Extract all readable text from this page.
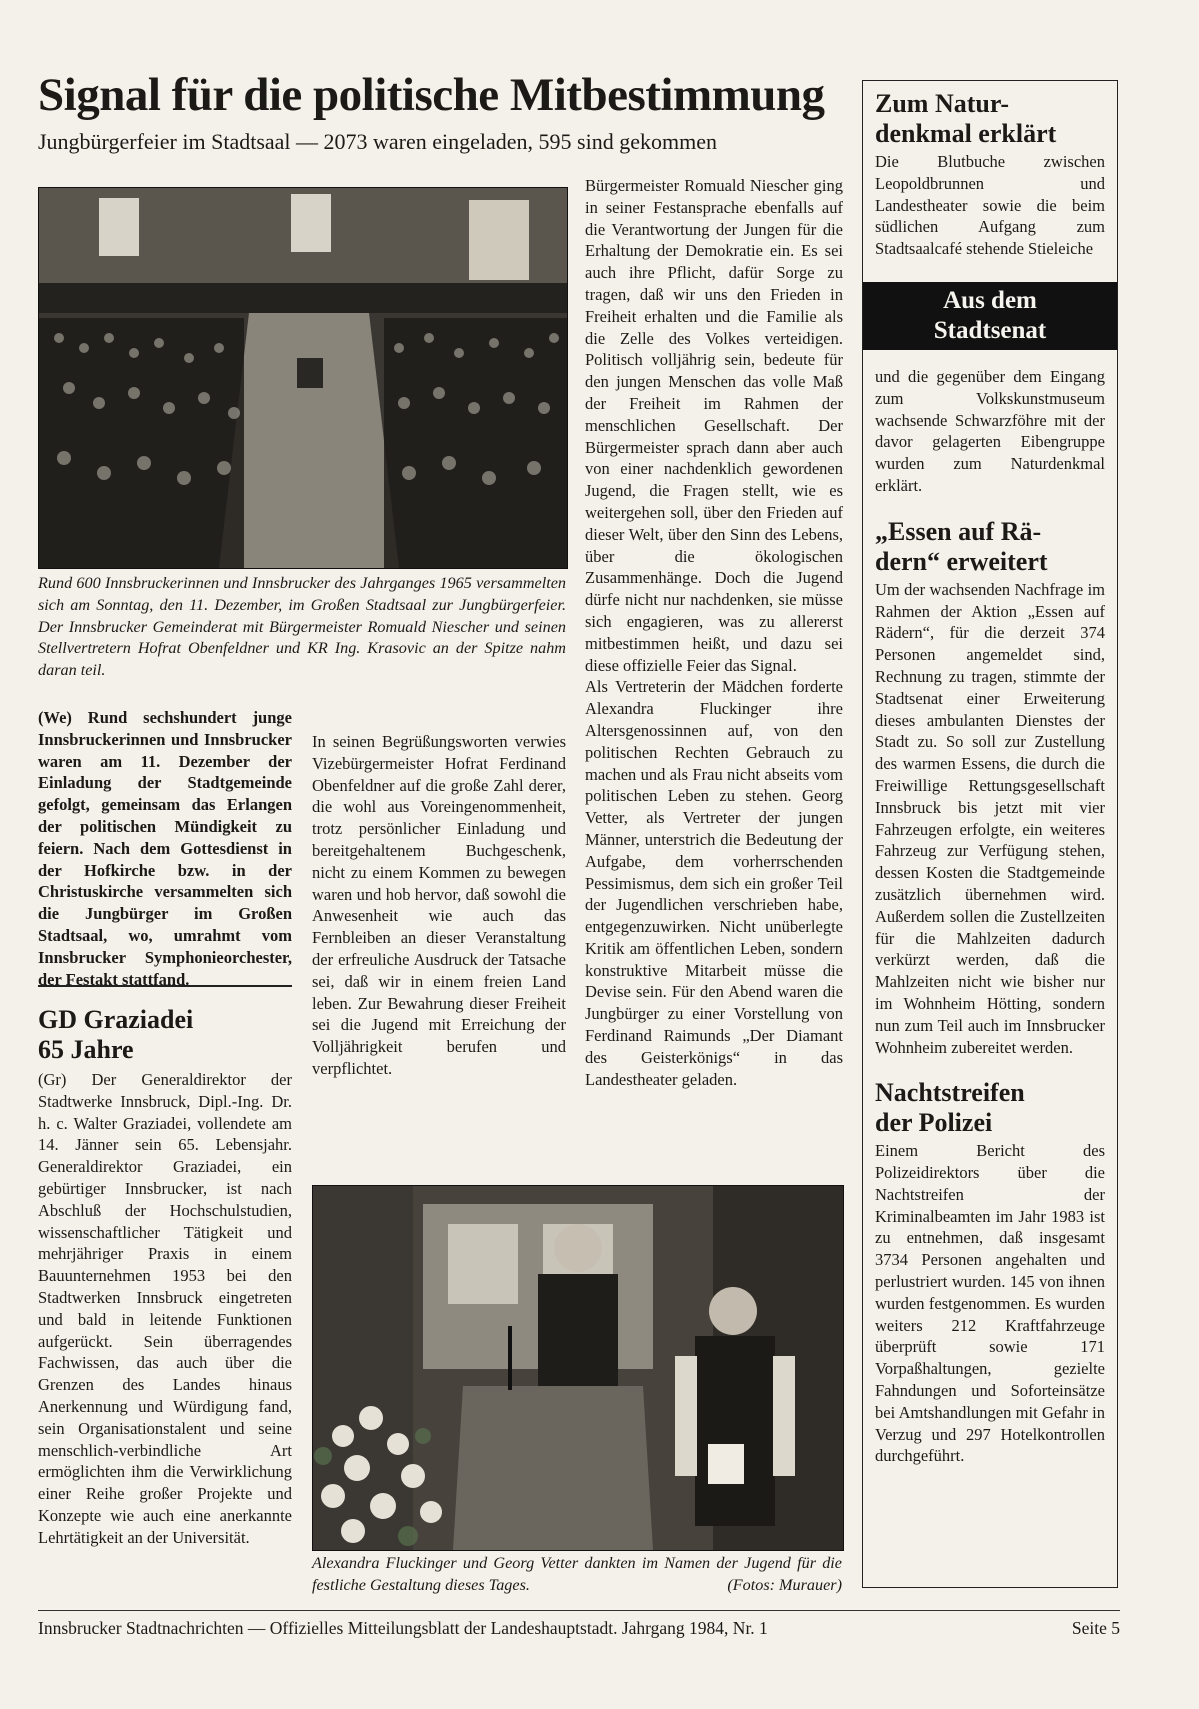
Signal für die politische Mitbestimmung
Jungbürgerfeier im Stadtsaal — 2073 waren eingeladen, 595 sind gekommen

Rund 600 Innsbruckerinnen und Innsbrucker des Jahrganges 1965 versammelten sich am Sonntag, den 11. Dezember, im Großen Stadtsaal zur Jungbürgerfeier. Der Innsbrucker Gemeinderat mit Bürgermeister Romuald Niescher und seinen Stellvertretern Hofrat Obenfeldner und KR Ing. Krasovic an der Spitze nahm daran teil.

Bürgermeister Romuald Niescher ging in seiner Festansprache ebenfalls auf die Verantwortung der Jungen für die Erhaltung der Demokratie ein. Es sei auch ihre Pflicht, dafür Sorge zu tragen, daß wir uns den Frieden in Freiheit erhalten und die Familie als die Zelle des Volkes verteidigen. Politisch volljährig sein, bedeute für den jungen Menschen das volle Maß der Freiheit im Rahmen der menschlichen Gesellschaft. Der Bürgermeister sprach dann aber auch von einer nachdenklich gewordenen Jugend, die Fragen stellt, wie es weitergehen soll, über den Frieden auf dieser Welt, über den Sinn des Lebens, über die ökologischen Zusammenhänge. Doch die Jugend dürfe nicht nur nachdenken, sie müsse sich engagieren, was zu allererst mitbestimmen heißt, und dazu sei diese offizielle Feier das Signal.

Als Vertreterin der Mädchen forderte Alexandra Fluckinger ihre Altersgenossinnen auf, von den politischen Rechten Gebrauch zu machen und als Frau nicht abseits vom politischen Leben zu stehen. Georg Vetter, als Vertreter der jungen Männer, unterstrich die Bedeutung der Aufgabe, dem vorherrschenden Pessimismus, dem sich ein großer Teil der Jugendlichen verschrieben habe, entgegenzuwirken. Nicht unüberlegte Kritik am öffentlichen Leben, sondern konstruktive Mitarbeit müsse die Devise sein. Für den Abend waren die Jungbürger zu einer Vorstellung von Ferdinand Raimunds „Der Diamant des Geisterkönigs“ in das Landestheater geladen.

(We) Rund sechshundert junge Innsbruckerinnen und Innsbrucker waren am 11. Dezember der Einladung der Stadtgemeinde gefolgt, gemeinsam das Erlangen der politischen Mündigkeit zu feiern. Nach dem Gottesdienst in der Hofkirche bzw. in der Christuskirche versammelten sich die Jungbürger im Großen Stadtsaal, wo, umrahmt vom Innsbrucker Symphonieorchester, der Festakt stattfand.

In seinen Begrüßungsworten verwies Vizebürgermeister Hofrat Ferdinand Obenfeldner auf die große Zahl derer, die wohl aus Voreingenommenheit, trotz persönlicher Einladung und bereitgehaltenem Buchgeschenk, nicht zu einem Kommen zu bewegen waren und hob hervor, daß sowohl die Anwesenheit wie auch das Fernbleiben an dieser Veranstaltung der erfreuliche Ausdruck der Tatsache sei, daß wir in einem freien Land leben. Zur Bewahrung dieser Freiheit sei die Jugend mit Erreichung der Volljährigkeit berufen und verpflichtet.

GD Graziadei
65 Jahre

(Gr) Der Generaldirektor der Stadtwerke Innsbruck, Dipl.-Ing. Dr. h. c. Walter Graziadei, vollendete am 14. Jänner sein 65. Lebensjahr. Generaldirektor Graziadei, ein gebürtiger Innsbrucker, ist nach Abschluß der Hochschulstudien, wissenschaftlicher Tätigkeit und mehrjähriger Praxis in einem Bauunternehmen 1953 bei den Stadtwerken Innsbruck eingetreten und bald in leitende Funktionen aufgerückt. Sein überragendes Fachwissen, das auch über die Grenzen des Landes hinaus Anerkennung und Würdigung fand, sein Organisationstalent und seine menschlich-verbindliche Art ermöglichten ihm die Verwirklichung einer Reihe großer Projekte und Konzepte wie auch eine anerkannte Lehrtätigkeit an der Universität.

Alexandra Fluckinger und Georg Vetter dankten im Namen der Jugend für die festliche Gestaltung dieses Tages.	(Fotos: Murauer)
Zum Natur-
denkmal erklärt

Die Blutbuche zwischen Leopoldbrunnen und Landestheater sowie die beim südlichen Aufgang zum Stadtsaalcafé stehende Stieleiche

Aus dem
Stadtsenat

und die gegenüber dem Eingang zum Volkskunstmuseum wachsende Schwarzföhre mit der davor gelagerten Eibengruppe wurden zum Naturdenkmal erklärt.

„Essen auf Rä-
dern“ erweitert

Um der wachsenden Nachfrage im Rahmen der Aktion „Essen auf Rädern“, für die derzeit 374 Personen angemeldet sind, Rechnung zu tragen, stimmte der Stadtsenat einer Erweiterung dieses ambulanten Dienstes der Stadt zu. So soll zur Zustellung des warmen Essens, die durch die Freiwillige Rettungsgesellschaft Innsbruck bis jetzt mit vier Fahrzeugen erfolgte, ein weiteres Fahrzeug zur Verfügung stehen, dessen Kosten die Stadtgemeinde zusätzlich übernehmen wird. Außerdem sollen die Zustellzeiten für die Mahlzeiten dadurch verkürzt werden, daß die Mahlzeiten nicht wie bisher nur im Wohnheim Hötting, sondern nun zum Teil auch im Innsbrucker Wohnheim zubereitet werden.

Nachtstreifen
der Polizei

Einem Bericht des Polizeidirektors über die Nachtstreifen der Kriminalbeamten im Jahr 1983 ist zu entnehmen, daß insgesamt 3734 Personen angehalten und perlustriert wurden. 145 von ihnen wurden festgenommen. Es wurden weiters 212 Kraftfahrzeuge überprüft sowie 171 Vorpaßhaltungen, gezielte Fahndungen und Soforteinsätze bei Amtshandlungen mit Gefahr in Verzug und 297 Hotelkontrollen durchgeführt.

Innsbrucker Stadtnachrichten — Offizielles Mitteilungsblatt der Landeshauptstadt. Jahrgang 1984, Nr. 1	Seite 5
